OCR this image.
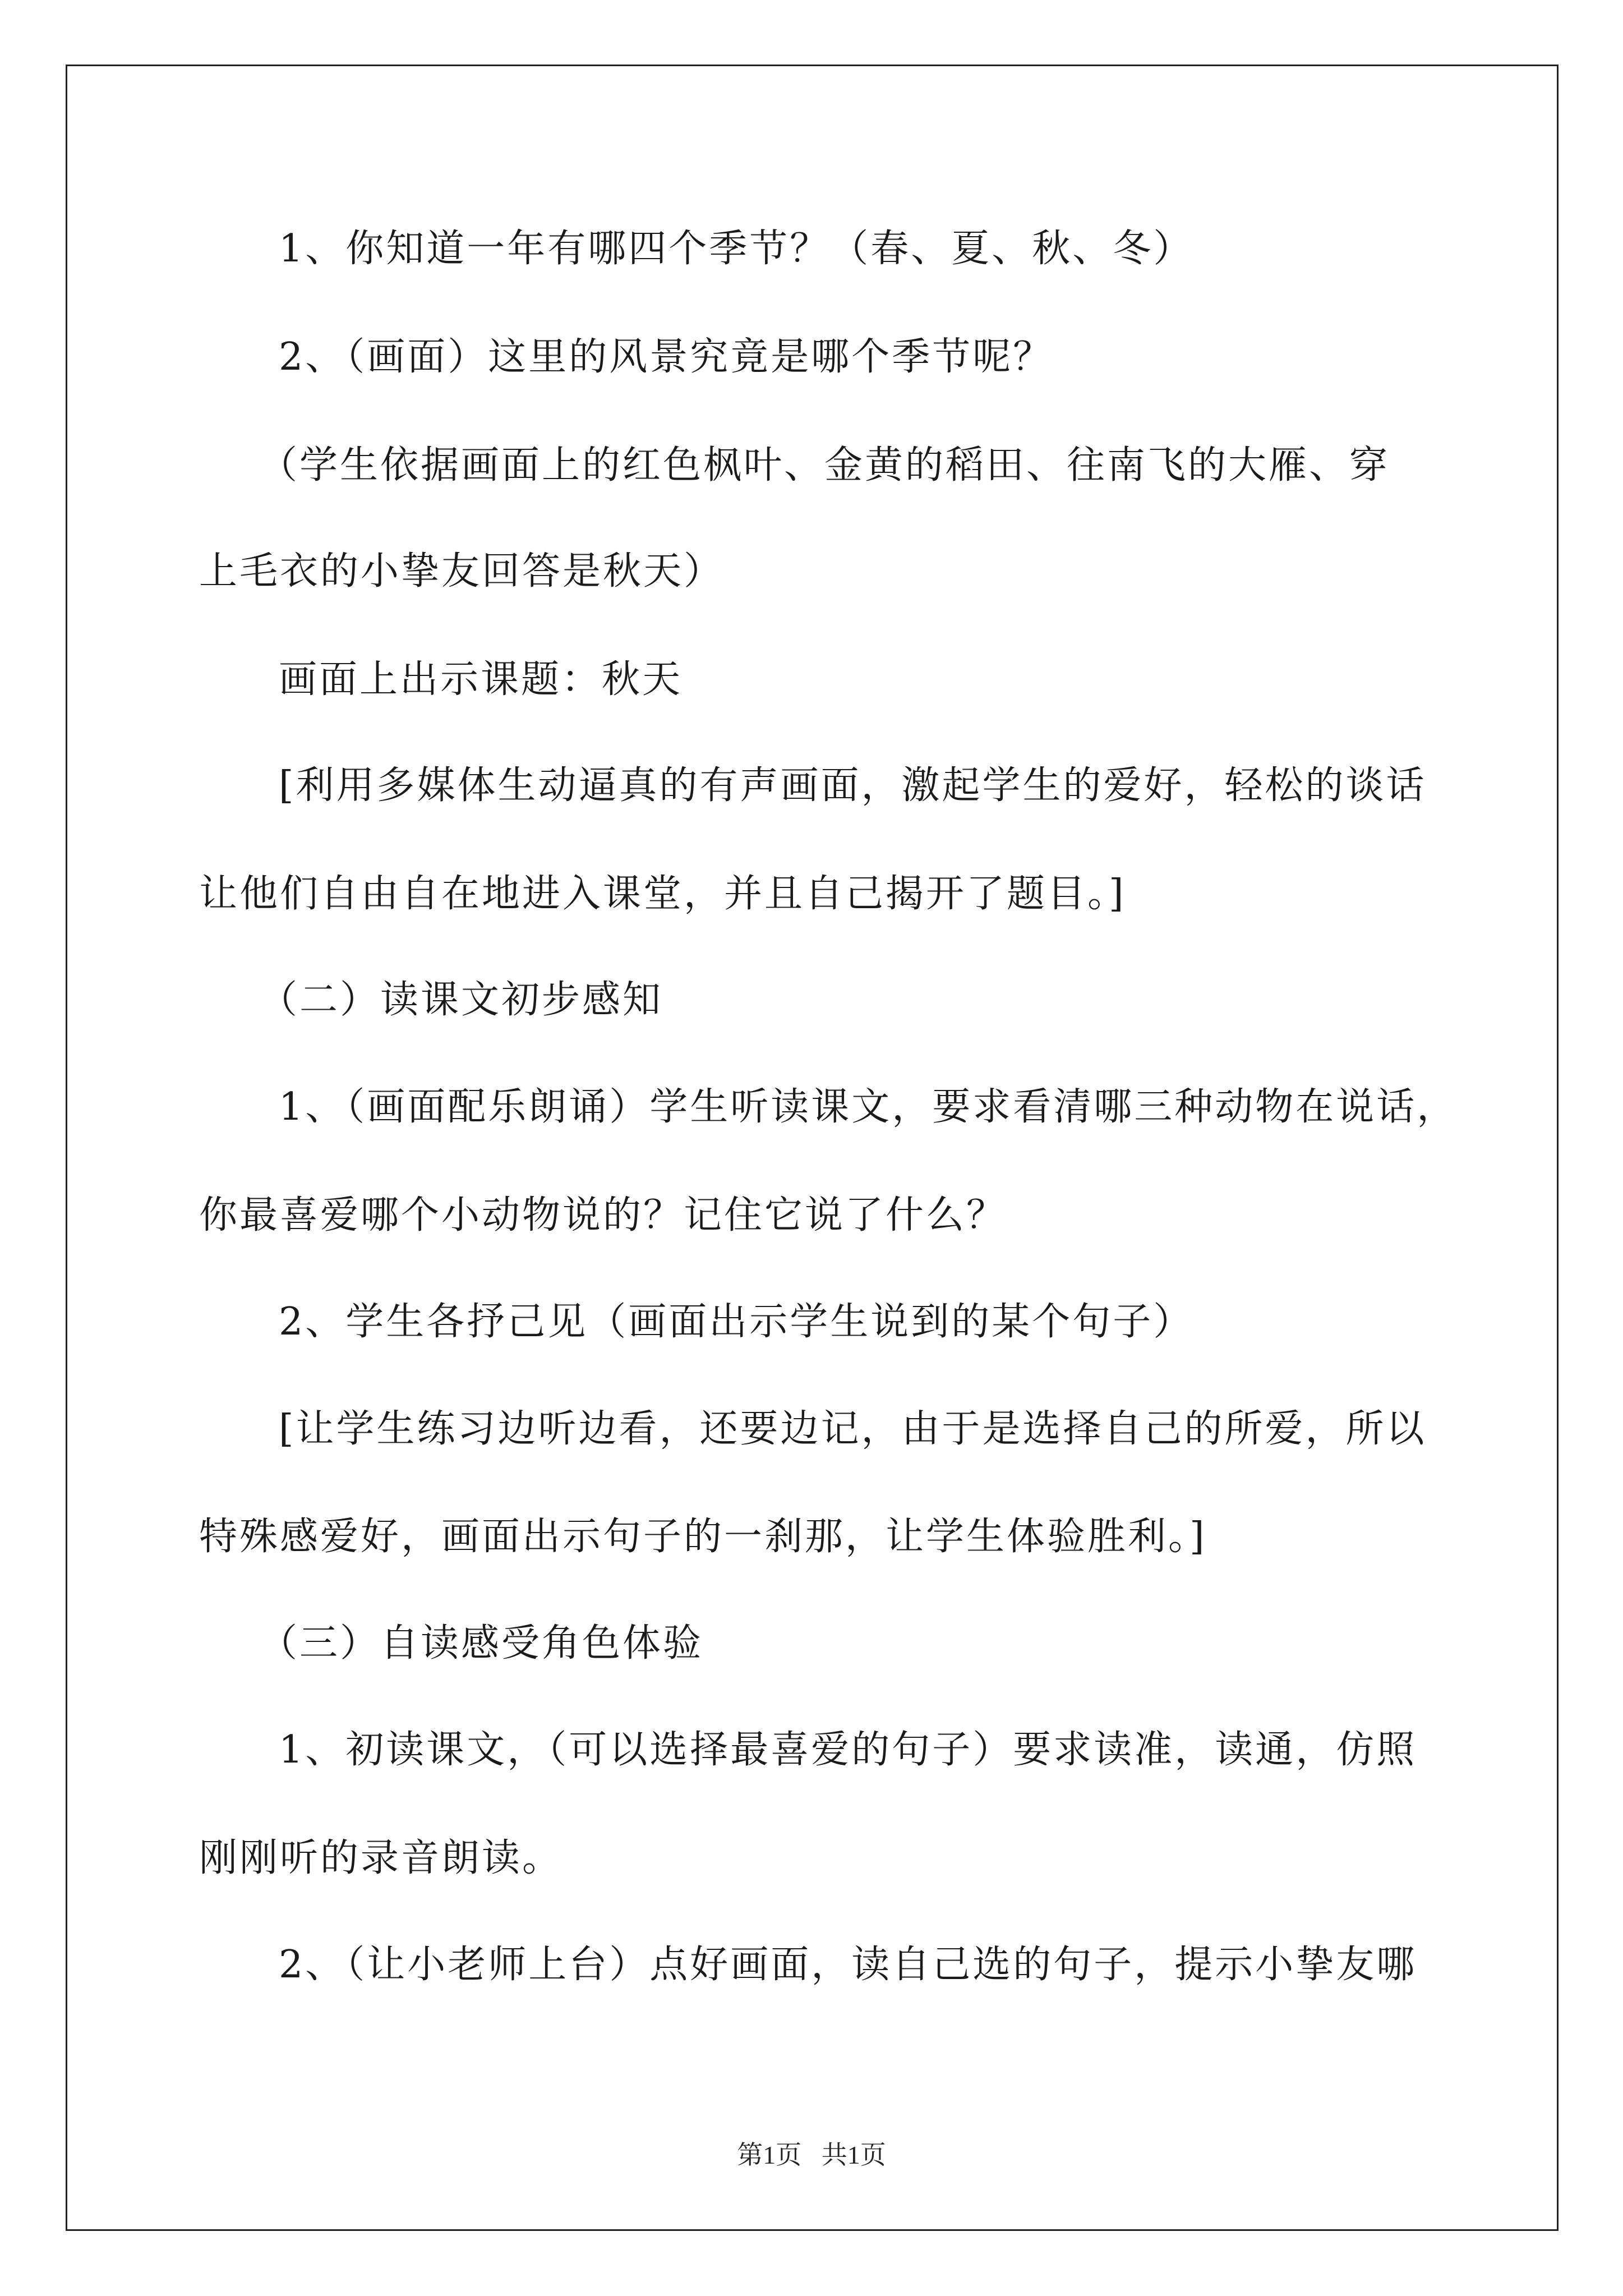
1、你知道一年有哪四个季节？（春、夏、秋、冬）
2、（画面）这里的风景究竟是哪个季节呢？
（学生依据画面上的红色枫叶、金黄的稻田、往南飞的大雁、穿
上毛衣的小挚友回答是秋天）
画面上出示课题：秋天
[利用多媒体生动逼真的有声画面，激起学生的爱好，轻松的谈话
让他们自由自在地进入课堂，并且自己揭开了题目。]
（二）读课文初步感知
1、（画面配乐朗诵）学生听读课文，要求看清哪三种动物在说话，
你最喜爱哪个小动物说的？记住它说了什么？
2、学生各抒己见（画面出示学生说到的某个句子）
[让学生练习边听边看，还要边记，由于是选择自己的所爱，所以
特殊感爱好，画面出示句子的一刹那，让学生体验胜利。]
（三）自读感受角色体验
1、初读课文，（可以选择最喜爱的句子）要求读准，读通，仿照
刚刚听的录音朗读。
2、（让小老师上台）点好画面，读自己选的句子，提示小挚友哪
第1页 共1页
